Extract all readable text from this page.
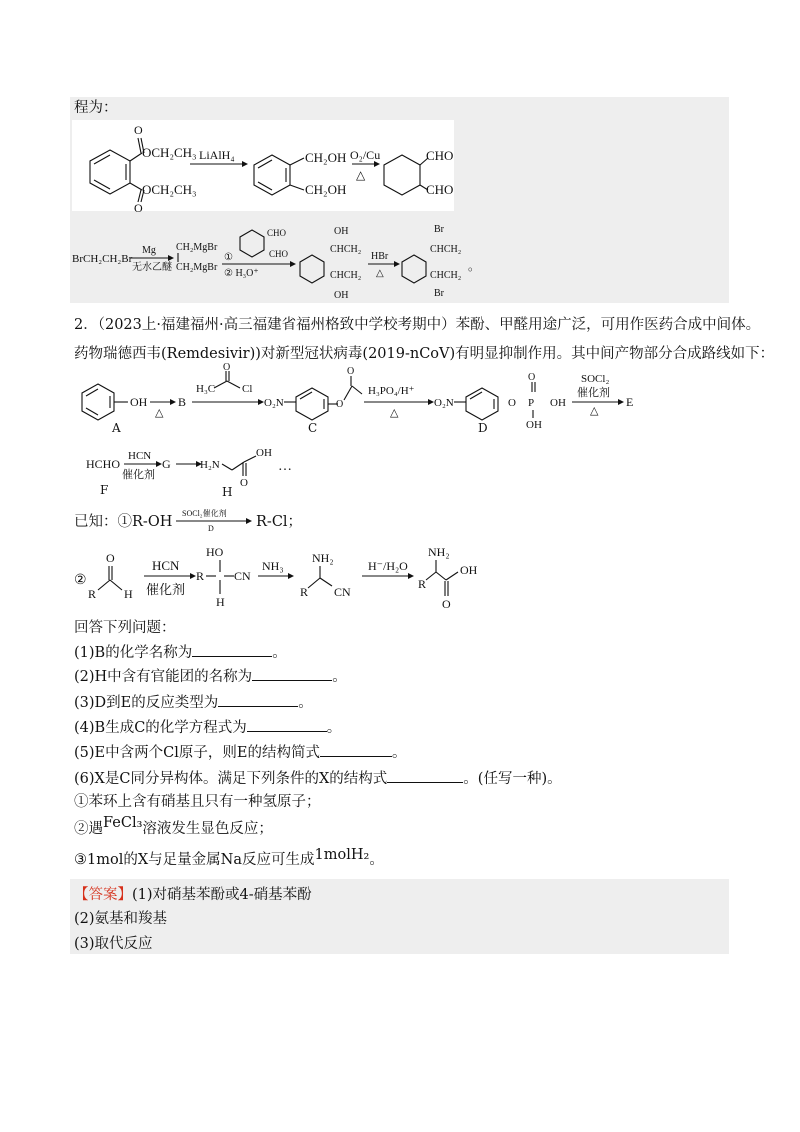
程为：
O
O
OCH₂CH₃
OCH₂CH₃
LiAlH₄	CH₂OH
CH₂OH
O₂/Cu
△
CHO
CHO
BrCH₂CH₂Br
Mg
无水乙醚
CH₂MgBr
CH₂MgBr
①
CHO
CHO
② H₃O⁺
OH
CHCH₂
CHCH₂
OH
HBr
△
Br
CHCH₂
CHCH₂
Br
。
2．（2023上·福建福州·高三福建省福州格致中学校考期中）苯酚、甲醛用途广泛，可用作医药合成中间体。
药物瑞德西韦(Remdesivir))对新型冠状病毒(2019-nCoV)有明显抑制作用。其中间产物部分合成路线如下：
OH
△
B
H₃C
O
Cl
O₂N	O
O
H₃PO₄/H⁺
△
O₂N	O P
O
OH
OH
SOCl₂
催化剂
△
E
A	C	D
HCHO
HCN
催化剂
G	H₂N
OH
O
…
F	H
已知：① R-OH
SOCl₂催化剂
D	R-Cl；
②
R
O
H
HCN
催化剂
R
HO
H
CN
NH₃
R
NH₂
CN
H⁻/H₂O
R
NH₂
OH
O
回答下列问题：
(1)B的化学名称为	。
(2)H中含有官能团的名称为	。
(3)D到E的反应类型为	。
(4)B生成C的化学方程式为	。
(5)E中含两个Cl原子，则E的结构简式	。
(6)X是C同分异构体。满足下列条件的X的结构式	。(任写一种)。
①苯环上含有硝基且只有一种氢原子；
②遇FeCl₃溶液发生显色反应；
③1mol的X与足量金属Na反应可生成1molH₂。
【答案】(1)对硝基苯酚或4-硝基苯酚
(2)氨基和羧基
(3)取代反应
